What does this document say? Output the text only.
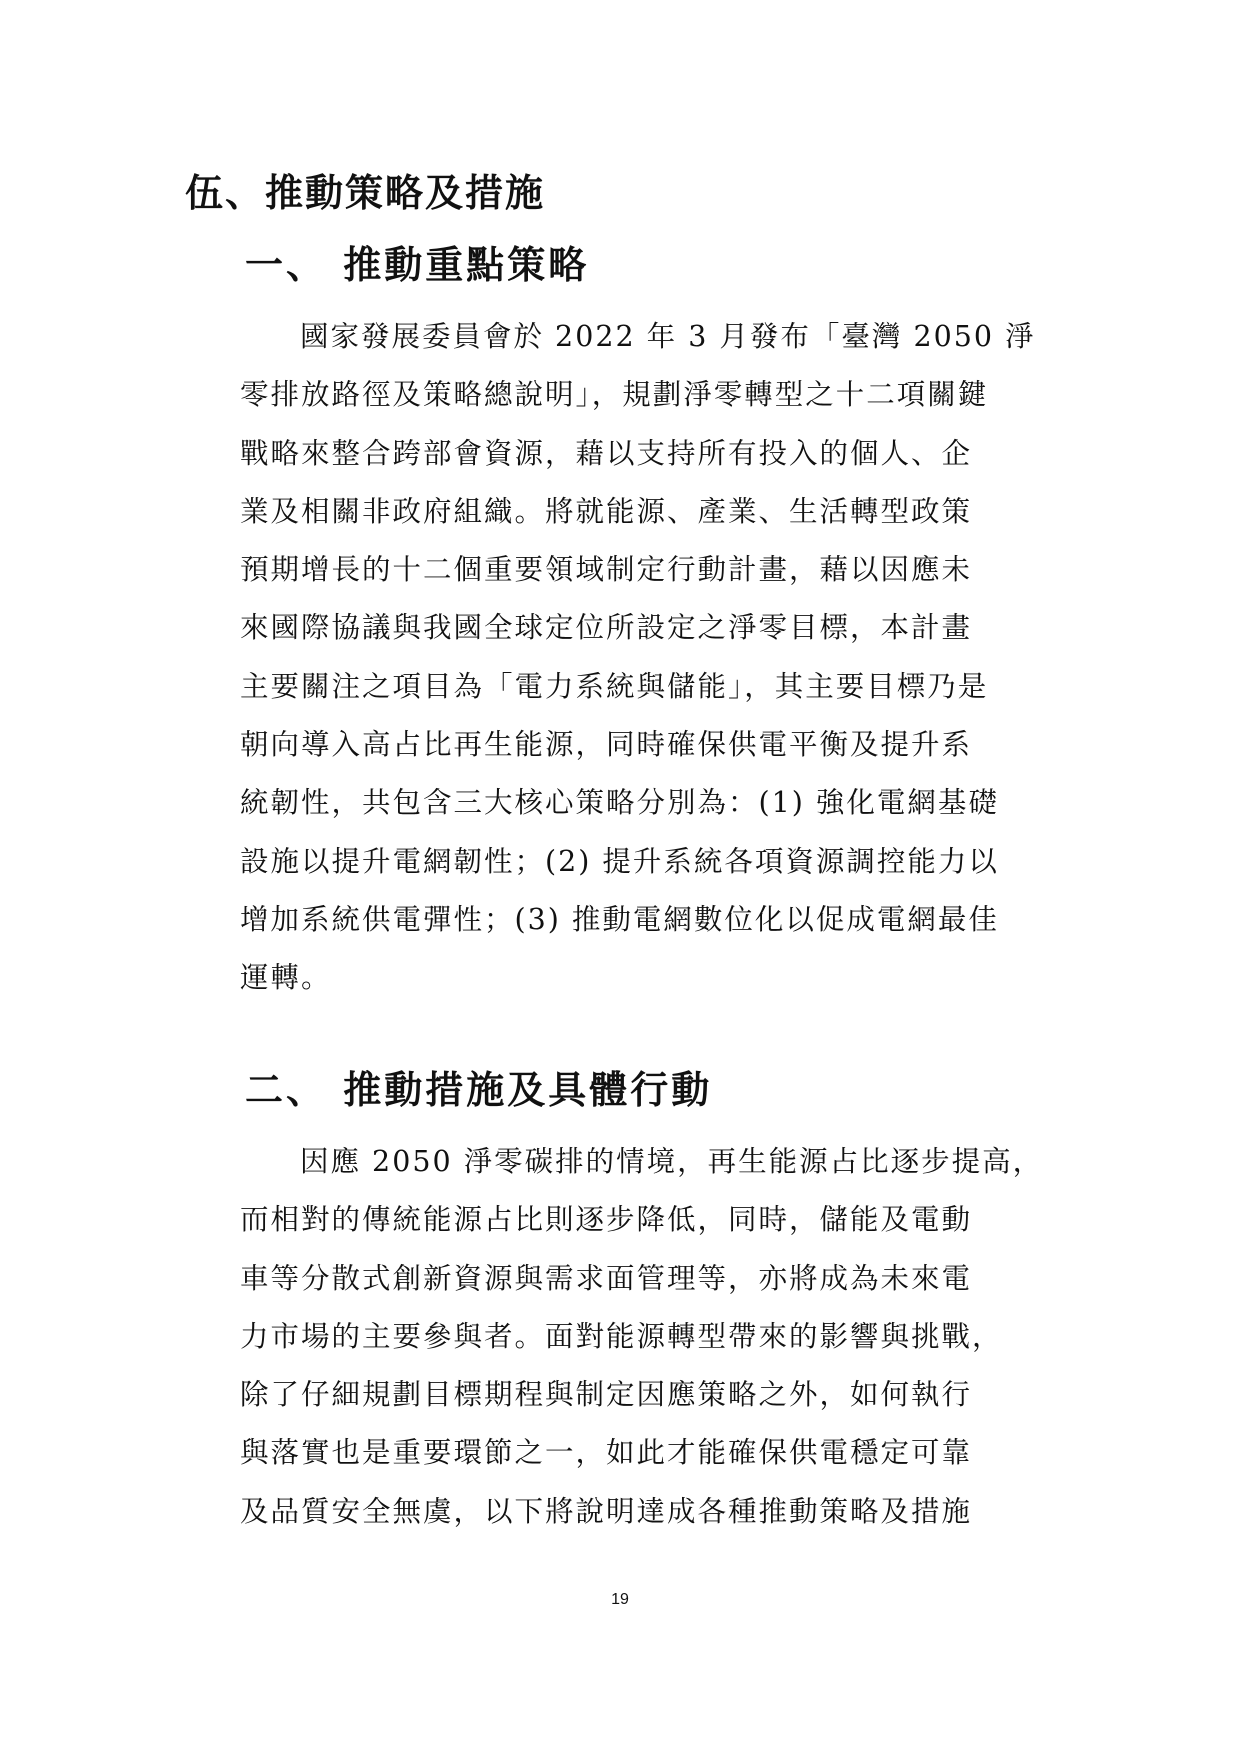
伍、推動策略及措施
一、 推動重點策略
國家發展委員會於 2022 年 3 月發布「臺灣 2050 淨
零排放路徑及策略總說明」，規劃淨零轉型之十二項關鍵
戰略來整合跨部會資源，藉以支持所有投入的個人、企
業及相關非政府組織。將就能源、產業、生活轉型政策
預期增長的十二個重要領域制定行動計畫，藉以因應未
來國際協議與我國全球定位所設定之淨零目標，本計畫
主要關注之項目為「電力系統與儲能」，其主要目標乃是
朝向導入高占比再生能源，同時確保供電平衡及提升系
統韌性，共包含三大核心策略分別為：(1) 強化電網基礎
設施以提升電網韌性；(2) 提升系統各項資源調控能力以
增加系統供電彈性；(3) 推動電網數位化以促成電網最佳
運轉。
二、 推動措施及具體行動
因應 2050 淨零碳排的情境，再生能源占比逐步提高，
而相對的傳統能源占比則逐步降低，同時，儲能及電動
車等分散式創新資源與需求面管理等，亦將成為未來電
力市場的主要參與者。面對能源轉型帶來的影響與挑戰，
除了仔細規劃目標期程與制定因應策略之外，如何執行
與落實也是重要環節之一，如此才能確保供電穩定可靠
及品質安全無虞，以下將說明達成各種推動策略及措施
19
